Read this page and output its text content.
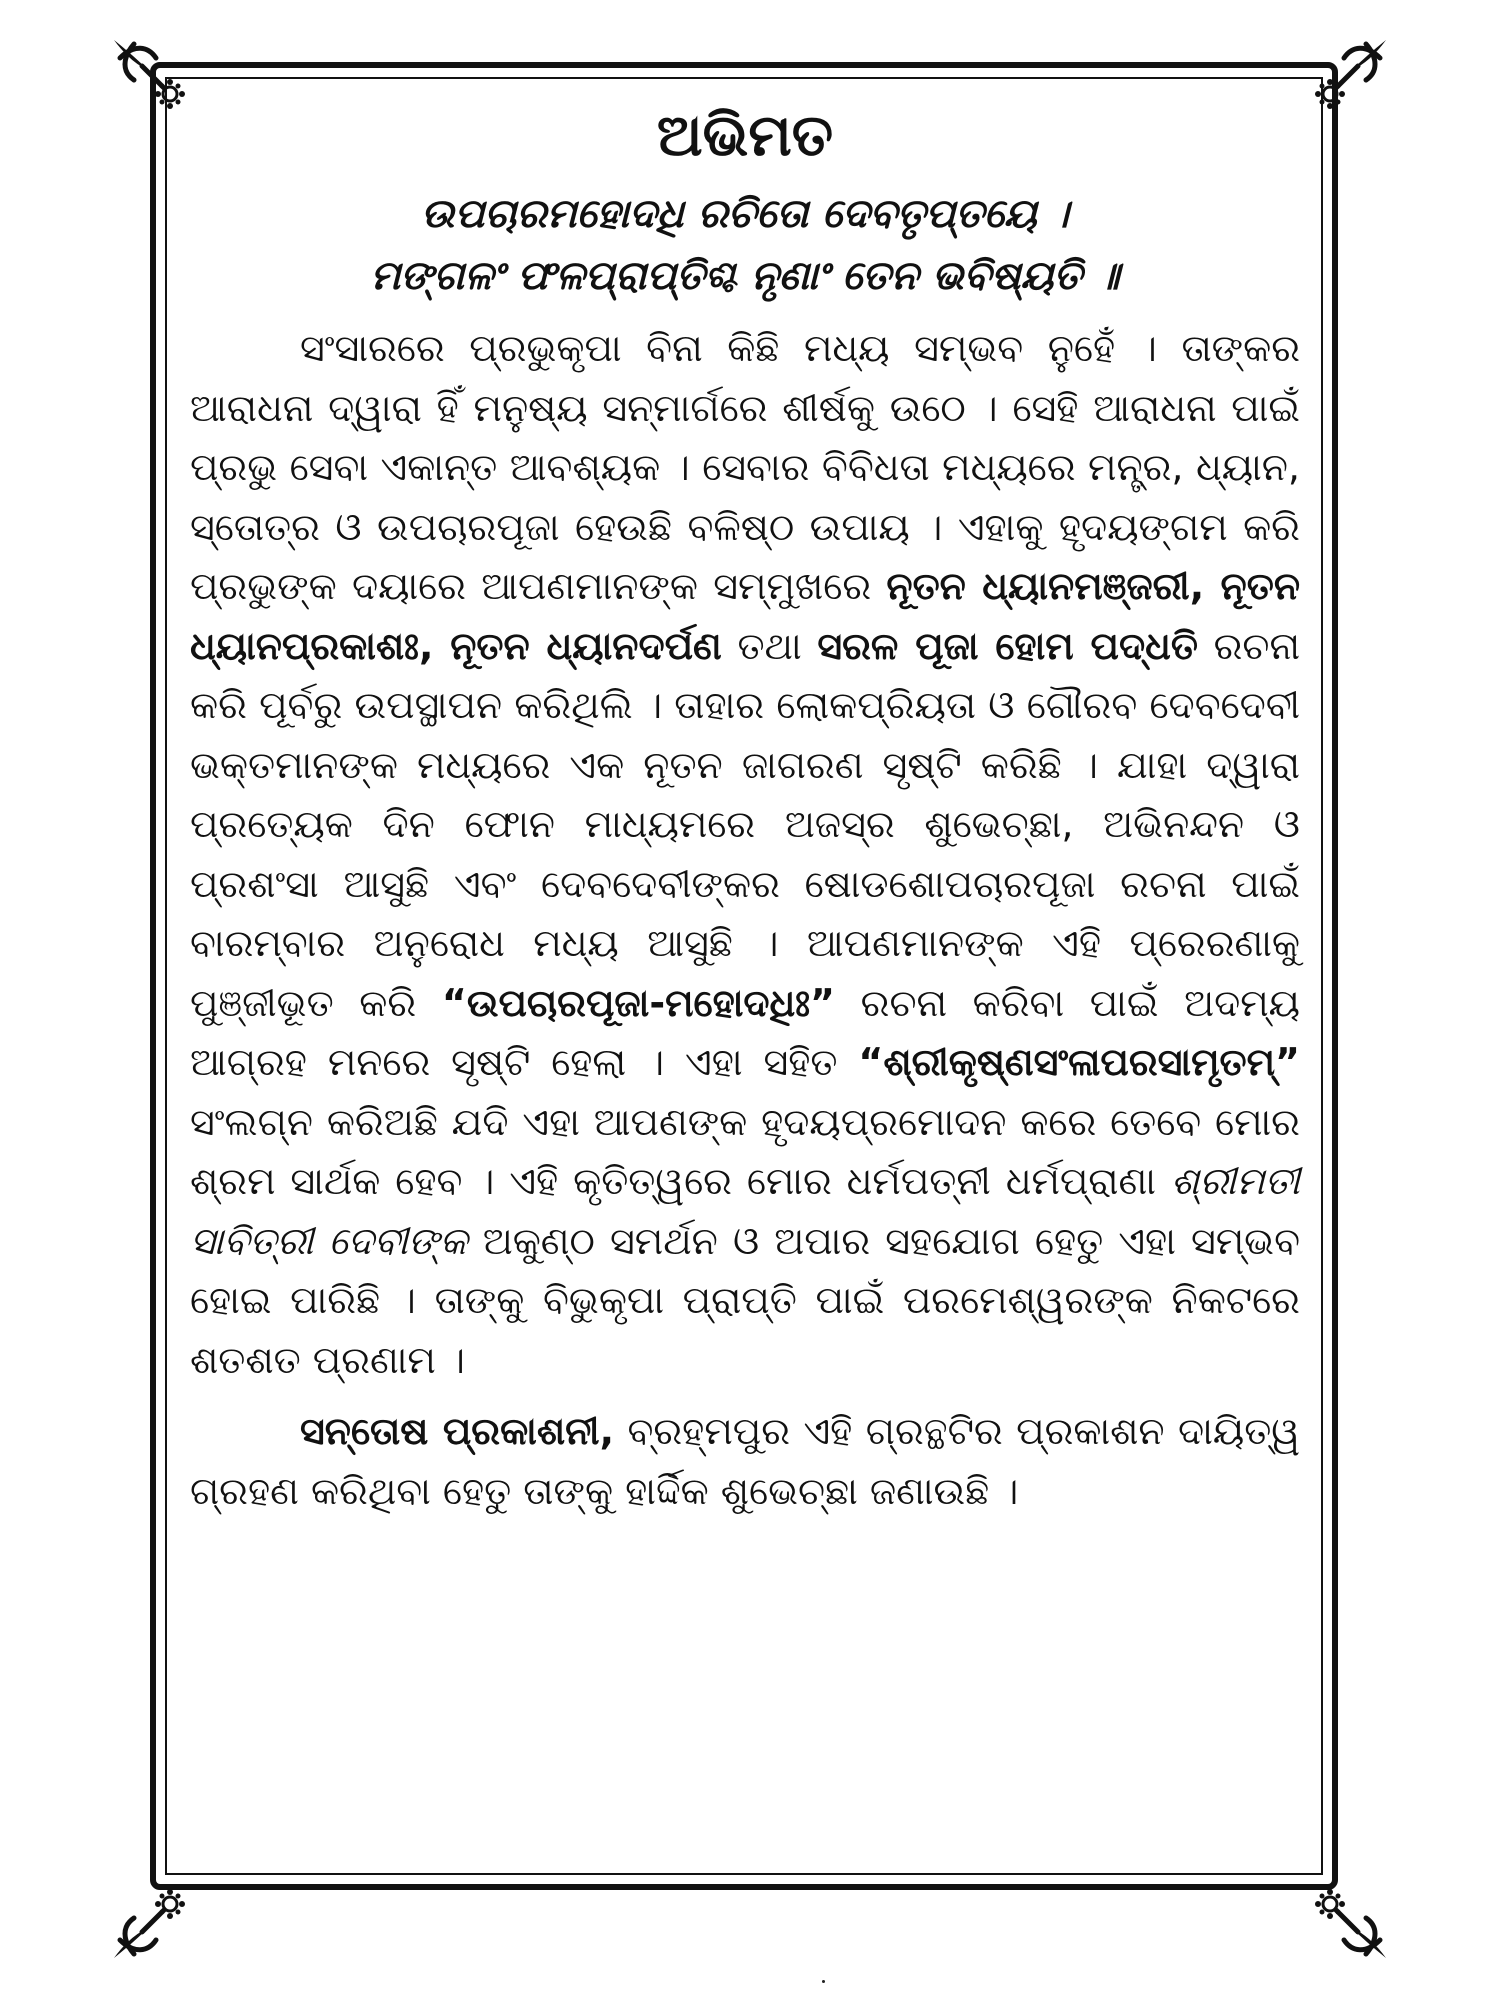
ଅଭିମତ

ଉପଚାରମହୋଦଧି ରଚିତୋ ଦେବତୃପ୍ତୟେ ।

ମଙ୍ଗଳଂ ଫଳପ୍ରାପ୍ତିଶ୍ଚ ନୃଣାଂ ତେନ ଭବିଷ୍ୟତି ॥

ସଂସାରରେ ପ୍ରଭୁକୃପା ବିନା କିଛି ମଧ୍ୟ ସମ୍ଭବ ନୁହେଁ । ତାଙ୍କର ଆରାଧନା ଦ୍ୱାରା ହିଁ ମନୁଷ୍ୟ ସନ୍ମାର୍ଗରେ ଶୀର୍ଷକୁ ଉଠେ । ସେହି ଆରାଧନା ପାଇଁ ପ୍ରଭୁ ସେବା ଏକାନ୍ତ ଆବଶ୍ୟକ । ସେବାର ବିବିଧତା ମଧ୍ୟରେ ମନ୍ତ୍ର, ଧ୍ୟାନ, ସ୍ତୋତ୍ର ଓ ଉପଚାରପୂଜା ହେଉଛି ବଳିଷ୍ଠ ଉପାୟ । ଏହାକୁ ହୃଦୟଙ୍ଗମ କରି ପ୍ରଭୁଙ୍କ ଦୟାରେ ଆପଣମାନଙ୍କ ସମ୍ମୁଖରେ ନୂତନ ଧ୍ୟାନମଞ୍ଜରୀ, ନୂତନ ଧ୍ୟାନପ୍ରକାଶଃ, ନୂତନ ଧ୍ୟାନଦର୍ପଣ ତଥା ସରଳ ପୂଜା ହୋମ ପଦ୍ଧତି ରଚନା କରି ପୂର୍ବରୁ ଉପସ୍ଥାପନ କରିଥିଲି । ତାହାର ଲୋକପ୍ରିୟତା ଓ ଗୌରବ ଦେବଦେବୀ ଭକ୍ତମାନଙ୍କ ମଧ୍ୟରେ ଏକ ନୂତନ ଜାଗରଣ ସୃଷ୍ଟି କରିଛି । ଯାହା ଦ୍ୱାରା ପ୍ରତ୍ୟେକ ଦିନ ଫୋନ ମାଧ୍ୟମରେ ଅଜସ୍ର ଶୁଭେଚ୍ଛା, ଅଭିନନ୍ଦନ ଓ ପ୍ରଶଂସା ଆସୁଛି ଏବଂ ଦେବଦେବୀଙ୍କର ଷୋଡଶୋପଚାରପୂଜା ରଚନା ପାଇଁ ବାରମ୍ବାର ଅନୁରୋଧ ମଧ୍ୟ ଆସୁଛି । ଆପଣମାନଙ୍କ ଏହି ପ୍ରେରଣାକୁ ପୁଞ୍ଜୀଭୂତ କରି “ଉପଚାରପୂଜା-ମହୋଦଧିଃ” ରଚନା କରିବା ପାଇଁ ଅଦମ୍ୟ ଆଗ୍ରହ ମନରେ ସୃଷ୍ଟି ହେଲା । ଏହା ସହିତ “ଶ୍ରୀକୃଷ୍ଣସଂଳାପରସାମୃତମ୍” ସଂଲଗ୍ନ କରିଅଛି ଯଦି ଏହା ଆପଣଙ୍କ ହୃଦୟପ୍ରମୋଦନ କରେ ତେବେ ମୋର ଶ୍ରମ ସାର୍ଥକ ହେବ । ଏହି କୃତିତ୍ୱରେ ମୋର ଧର୍ମପତ୍ନୀ ଧର୍ମପ୍ରାଣା ଶ୍ରୀମତୀ ସାବିତ୍ରୀ ଦେବୀଙ୍କ ଅକୁଣ୍ଠ ସମର୍ଥନ ଓ ଅପାର ସହଯୋଗ ହେତୁ ଏହା ସମ୍ଭବ ହୋଇ ପାରିଛି । ତାଙ୍କୁ ବିଭୁକୃପା ପ୍ରାପ୍ତି ପାଇଁ ପରମେଶ୍ୱରଙ୍କ ନିକଟରେ ଶତଶତ ପ୍ରଣାମ ।

ସନ୍ତୋଷ ପ୍ରକାଶନୀ, ବ୍ରହ୍ମପୁର ଏହି ଗ୍ରନ୍ଥଟିର ପ୍ରକାଶନ ଦାୟିତ୍ୱ ଗ୍ରହଣ କରିଥିବା ହେତୁ ତାଙ୍କୁ ହାର୍ଦ୍ଦିକ ଶୁଭେଚ୍ଛା ଜଣାଉଛି ।
